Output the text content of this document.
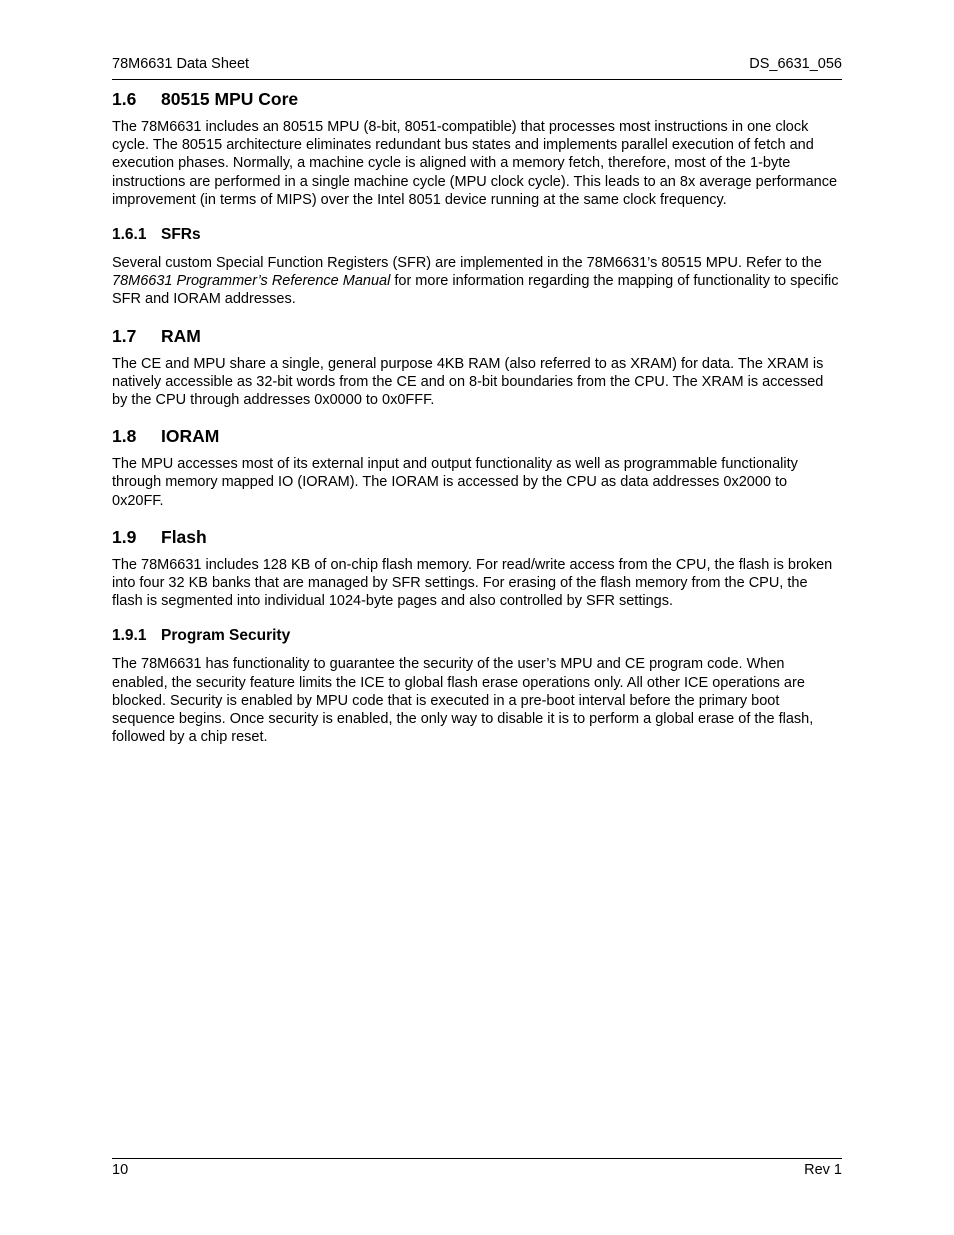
78M6631 Data Sheet	DS_6631_056
1.6 80515 MPU Core

The 78M6631 includes an 80515 MPU (8-bit, 8051-compatible) that processes most instructions in one clock cycle. The 80515 architecture eliminates redundant bus states and implements parallel execution of fetch and execution phases. Normally, a machine cycle is aligned with a memory fetch, therefore, most of the 1-byte instructions are performed in a single machine cycle (MPU clock cycle). This leads to an 8x average performance improvement (in terms of MIPS) over the Intel 8051 device running at the same clock frequency.

1.6.1 SFRs

Several custom Special Function Registers (SFR) are implemented in the 78M6631’s 80515 MPU. Refer to the 78M6631 Programmer’s Reference Manual for more information regarding the mapping of functionality to specific SFR and IORAM addresses.

1.7 RAM

The CE and MPU share a single, general purpose 4KB RAM (also referred to as XRAM) for data. The XRAM is natively accessible as 32-bit words from the CE and on 8-bit boundaries from the CPU. The XRAM is accessed by the CPU through addresses 0x0000 to 0x0FFF.

1.8 IORAM

The MPU accesses most of its external input and output functionality as well as programmable functionality through memory mapped IO (IORAM). The IORAM is accessed by the CPU as data addresses 0x2000 to 0x20FF.

1.9 Flash

The 78M6631 includes 128 KB of on-chip flash memory. For read/write access from the CPU, the flash is broken into four 32 KB banks that are managed by SFR settings. For erasing of the flash memory from the CPU, the flash is segmented into individual 1024-byte pages and also controlled by SFR settings.

1.9.1 Program Security

The 78M6631 has functionality to guarantee the security of the user’s MPU and CE program code. When enabled, the security feature limits the ICE to global flash erase operations only. All other ICE operations are blocked. Security is enabled by MPU code that is executed in a pre-boot interval before the primary boot sequence begins. Once security is enabled, the only way to disable it is to perform a global erase of the flash, followed by a chip reset.

10	Rev 1
